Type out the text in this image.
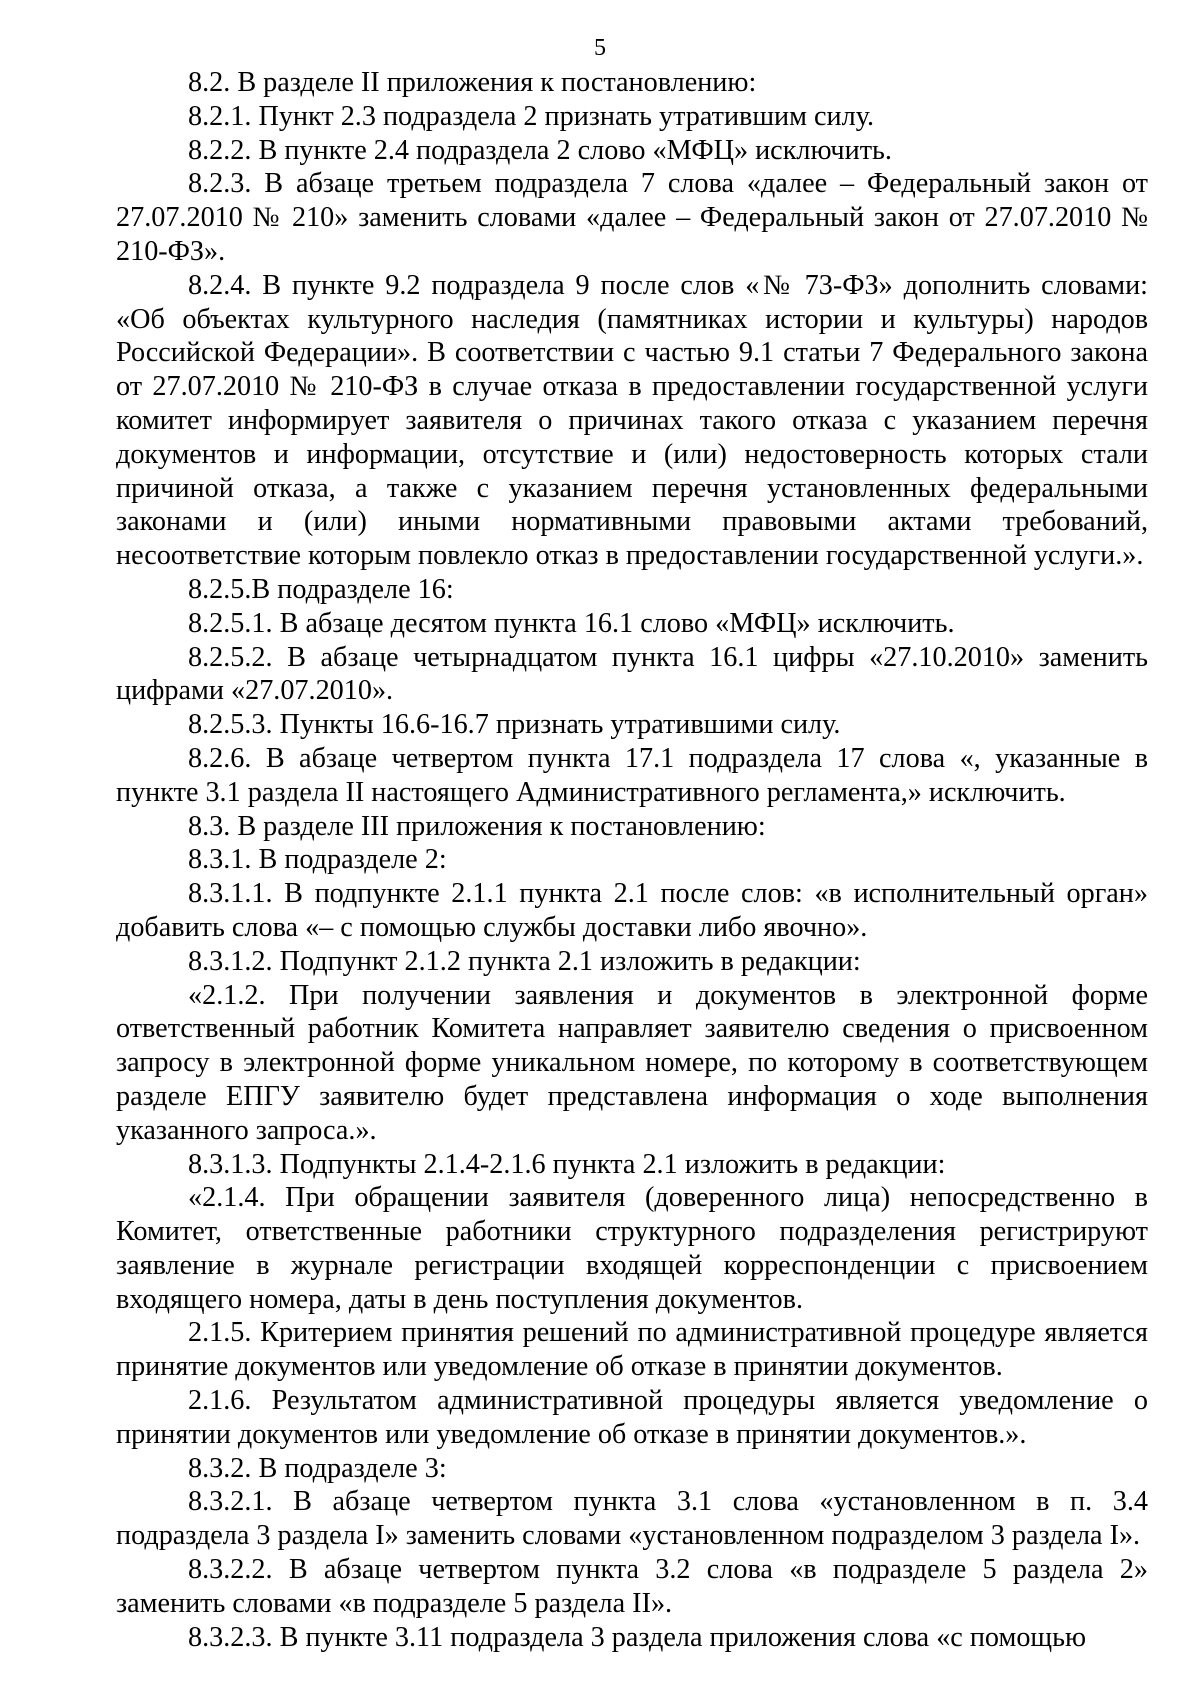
5

8.2. В разделе II приложения к постановлению:

8.2.1. Пункт 2.3 подраздела 2 признать утратившим силу.

8.2.2. В пункте 2.4 подраздела 2 слово «МФЦ» исключить.

8.2.3. В абзаце третьем подраздела 7 слова «далее – Федеральный закон от 27.07.2010 № 210» заменить словами «далее – Федеральный закон от 27.07.2010 № 210-ФЗ».

8.2.4. В пункте 9.2 подраздела 9 после слов «№ 73-ФЗ» дополнить словами: «Об объектах культурного наследия (памятниках истории и культуры) народов Российской Федерации». В соответствии с частью 9.1 статьи 7 Федерального закона от 27.07.2010 № 210-ФЗ в случае отказа в предоставлении государственной услуги комитет информирует заявителя о причинах такого отказа с указанием перечня документов и информации, отсутствие и (или) недостоверность которых стали причиной отказа, а также с указанием перечня установленных федеральными законами и (или) иными нормативными правовыми актами требований, несоответствие которым повлекло отказ в предоставлении государственной услуги.».

8.2.5.В подразделе 16:

8.2.5.1. В абзаце десятом пункта 16.1 слово «МФЦ» исключить.

8.2.5.2. В абзаце четырнадцатом пункта 16.1 цифры «27.10.2010» заменить цифрами «27.07.2010».

8.2.5.3. Пункты 16.6-16.7 признать утратившими силу.

8.2.6. В абзаце четвертом пункта 17.1 подраздела 17 слова «, указанные в пункте 3.1 раздела II настоящего Административного регламента,» исключить.

8.3. В разделе III приложения к постановлению:

8.3.1. В подразделе 2:

8.3.1.1. В подпункте 2.1.1 пункта 2.1 после слов: «в исполнительный орган» добавить слова «– с помощью службы доставки либо явочно».

8.3.1.2. Подпункт 2.1.2 пункта 2.1 изложить в редакции:

«2.1.2. При получении заявления и документов в электронной форме ответственный работник Комитета направляет заявителю сведения о присвоенном запросу в электронной форме уникальном номере, по которому в соответствующем разделе ЕПГУ заявителю будет представлена информация о ходе выполнения указанного запроса.».

8.3.1.3. Подпункты 2.1.4-2.1.6 пункта 2.1 изложить в редакции:

«2.1.4. При обращении заявителя (доверенного лица) непосредственно в Комитет, ответственные работники структурного подразделения регистрируют заявление в журнале регистрации входящей корреспонденции с присвоением входящего номера, даты в день поступления документов.

2.1.5. Критерием принятия решений по административной процедуре является принятие документов или уведомление об отказе в принятии документов.

2.1.6. Результатом административной процедуры является уведомление о принятии документов или уведомление об отказе в принятии документов.».

8.3.2. В подразделе 3:

8.3.2.1. В абзаце четвертом пункта 3.1 слова «установленном в п. 3.4 подраздела 3 раздела I» заменить словами «установленном подразделом 3 раздела I».

8.3.2.2. В абзаце четвертом пункта 3.2 слова «в подразделе 5 раздела 2» заменить словами «в подразделе 5 раздела II».

8.3.2.3. В пункте 3.11 подраздела 3 раздела приложения слова «с помощью
